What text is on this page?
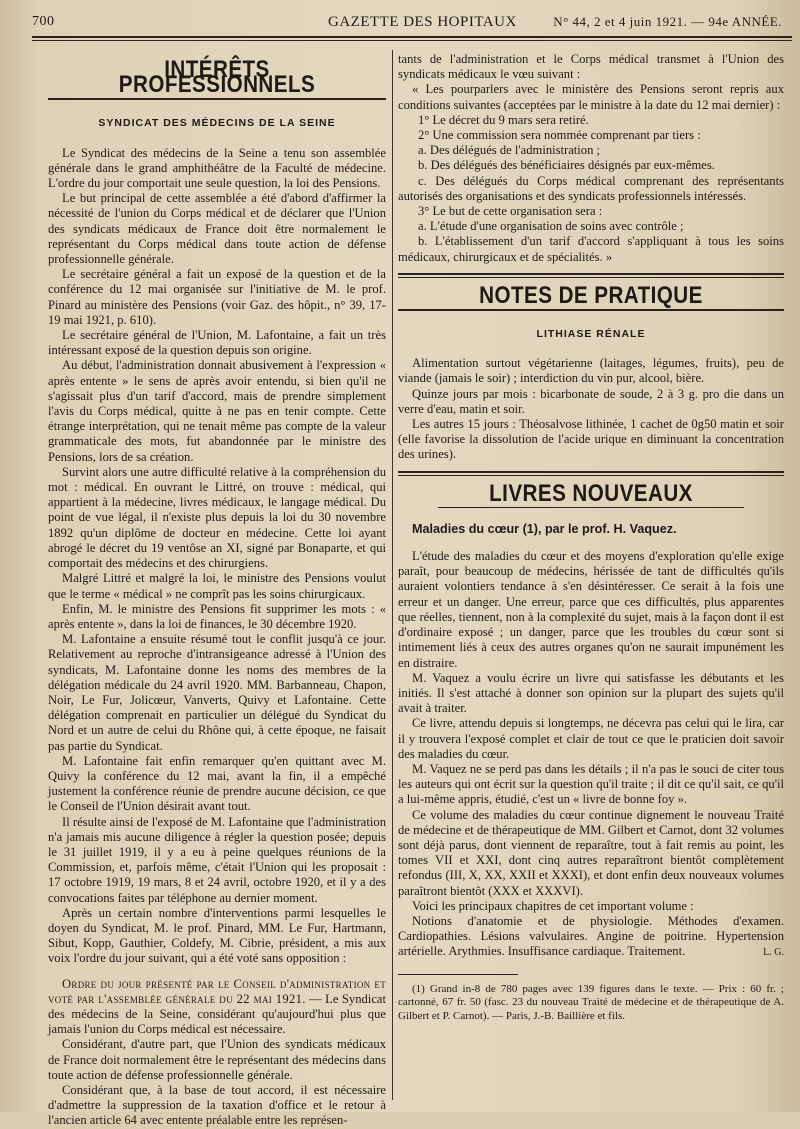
700	GAZETTE DES HOPITAUX	N° 44, 2 et 4 juin 1921. — 94e ANNÉE.
INTÉRÊTS PROFESSIONNELS
SYNDICAT DES MÉDECINS DE LA SEINE

Le Syndicat des médecins de la Seine a tenu son assemblée générale dans le grand amphithéâtre de la Faculté de médecine. L'ordre du jour comportait une seule question, la loi des Pensions.

Le but principal de cette assemblée a été d'abord d'affirmer la nécessité de l'union du Corps médical et de déclarer que l'Union des syndicats médicaux de France doit être normalement le représentant du Corps médical dans toute action de défense professionnelle générale.

Le secrétaire général a fait un exposé de la question et de la conférence du 12 mai organisée sur l'initiative de M. le prof. Pinard au ministère des Pensions (voir Gaz. des hôpit., n° 39, 17-19 mai 1921, p. 610).

Le secrétaire général de l'Union, M. Lafontaine, a fait un très intéressant exposé de la question depuis son origine.

Au début, l'administration donnait abusivement à l'expression « après entente » le sens de après avoir entendu, si bien qu'il ne s'agissait plus d'un tarif d'accord, mais de prendre simplement l'avis du Corps médical, quitte à ne pas en tenir compte. Cette étrange interprétation, qui ne tenait même pas compte de la valeur grammaticale des mots, fut abandonnée par le ministre des Pensions, lors de sa création.

Survint alors une autre difficulté relative à la compréhension du mot : médical. En ouvrant le Littré, on trouve : médical, qui appartient à la médecine, livres médicaux, le langage médical. Du point de vue légal, il n'existe plus depuis la loi du 30 novembre 1892 qu'un diplôme de docteur en médecine. Cette loi ayant abrogé le décret du 19 ventôse an XI, signé par Bonaparte, et qui comportait des médecins et des chirurgiens.

Malgré Littré et malgré la loi, le ministre des Pensions voulut que le terme « médical » ne comprît pas les soins chirurgicaux.

Enfin, M. le ministre des Pensions fit supprimer les mots : « après entente », dans la loi de finances, le 30 décembre 1920.

M. Lafontaine a ensuite résumé tout le conflit jusqu'à ce jour. Relativement au reproche d'intransigeance adressé à l'Union des syndicats, M. Lafontaine donne les noms des membres de la délégation médicale du 24 avril 1920. MM. Barbanneau, Chapon, Noir, Le Fur, Jolicœur, Vanverts, Quivy et Lafontaine. Cette délégation comprenait en particulier un délégué du Syndicat du Nord et un autre de celui du Rhône qui, à cette époque, ne faisait pas partie du Syndicat.

M. Lafontaine fait enfin remarquer qu'en quittant avec M. Quivy la conférence du 12 mai, avant la fin, il a empêché justement la conférence réunie de prendre aucune décision, ce que le Conseil de l'Union désirait avant tout.

Il résulte ainsi de l'exposé de M. Lafontaine que l'administration n'a jamais mis aucune diligence à régler la question posée; depuis le 31 juillet 1919, il y a eu à peine quelques réunions de la Commission, et, parfois même, c'était l'Union qui les proposait : 17 octobre 1919, 19 mars, 8 et 24 avril, octobre 1920, et il y a des convocations faites par téléphone au dernier moment.

Après un certain nombre d'interventions parmi lesquelles le doyen du Syndicat, M. le prof. Pinard, MM. Le Fur, Hartmann, Sibut, Kopp, Gauthier, Coldefy, M. Cibrie, président, a mis aux voix l'ordre du jour suivant, qui a été voté sans opposition :

Ordre du jour présenté par le Conseil d'administration et voté par l'assemblée générale du 22 mai 1921. — Le Syndicat des médecins de la Seine, considérant qu'aujourd'hui plus que jamais l'union du Corps médical est nécessaire.

Considérant, d'autre part, que l'Union des syndicats médicaux de France doit normalement être le représentant des médecins dans toute action de défense professionnelle générale.

Considérant que, à la base de tout accord, il est nécessaire d'admettre la suppression de la taxation d'office et le retour à l'ancien article 64 avec entente préalable entre les représen-

tants de l'administration et le Corps médical transmet à l'Union des syndicats médicaux le vœu suivant :

« Les pourparlers avec le ministère des Pensions seront repris aux conditions suivantes (acceptées par le ministre à la date du 12 mai dernier) :

1° Le décret du 9 mars sera retiré.

2° Une commission sera nommée comprenant par tiers :

a. Des délégués de l'administration ;

b. Des délégués des bénéficiaires désignés par eux-mêmes.

c. Des délégués du Corps médical comprenant des représentants autorisés des organisations et des syndicats professionnels intéressés.

3° Le but de cette organisation sera :

a. L'étude d'une organisation de soins avec contrôle ;

b. L'établissement d'un tarif d'accord s'appliquant à tous les soins médicaux, chirurgicaux et de spécialités. »

NOTES DE PRATIQUE
LITHIASE RÉNALE

Alimentation surtout végétarienne (laitages, légumes, fruits), peu de viande (jamais le soir) ; interdiction du vin pur, alcool, bière.

Quinze jours par mois : bicarbonate de soude, 2 à 3 g. pro die dans un verre d'eau, matin et soir.

Les autres 15 jours : Théosalvose lithinée, 1 cachet de 0g50 matin et soir (elle favorise la dissolution de l'acide urique en diminuant la concentration des urines).

LIVRES NOUVEAUX
Maladies du cœur (1), par le prof. H. Vaquez.

L'étude des maladies du cœur et des moyens d'exploration qu'elle exige paraît, pour beaucoup de médecins, hérissée de tant de difficultés qu'ils auraient volontiers tendance à s'en désintéresser. Ce serait à la fois une erreur et un danger. Une erreur, parce que ces difficultés, plus apparentes que réelles, tiennent, non à la complexité du sujet, mais à la façon dont il est d'ordinaire exposé ; un danger, parce que les troubles du cœur sont si intimement liés à ceux des autres organes qu'on ne saurait impunément les en distraire.

M. Vaquez a voulu écrire un livre qui satisfasse les débutants et les initiés. Il s'est attaché à donner son opinion sur la plupart des sujets qu'il avait à traiter.

Ce livre, attendu depuis si longtemps, ne décevra pas celui qui le lira, car il y trouvera l'exposé complet et clair de tout ce que le praticien doit savoir des maladies du cœur.

M. Vaquez ne se perd pas dans les détails ; il n'a pas le souci de citer tous les auteurs qui ont écrit sur la question qu'il traite ; il dit ce qu'il sait, ce qu'il a lui-même appris, étudié, c'est un « livre de bonne foy ».

Ce volume des maladies du cœur continue dignement le nouveau Traité de médecine et de thérapeutique de MM. Gilbert et Carnot, dont 32 volumes sont déjà parus, dont viennent de reparaître, tout à fait remis au point, les tomes VII et XXI, dont cinq autres reparaîtront bientôt complètement refondus (III, X, XX, XXII et XXXI), et dont enfin deux nouveaux volumes paraîtront bientôt (XXX et XXXVI).

Voici les principaux chapitres de cet important volume :

Notions d'anatomie et de physiologie. Méthodes d'examen. Cardiopathies. Lésions valvulaires. Angine de poitrine. Hypertension artérielle. Arythmies. Insuffisance cardiaque. Traitement.	L. G.

(1) Grand in-8 de 780 pages avec 139 figures dans le texte. — Prix : 60 fr. ; cartonné, 67 fr. 50 (fasc. 23 du nouveau Traité de médecine et de thérapeutique de A. Gilbert et P. Carnot). — Paris, J.-B. Baillière et fils.
